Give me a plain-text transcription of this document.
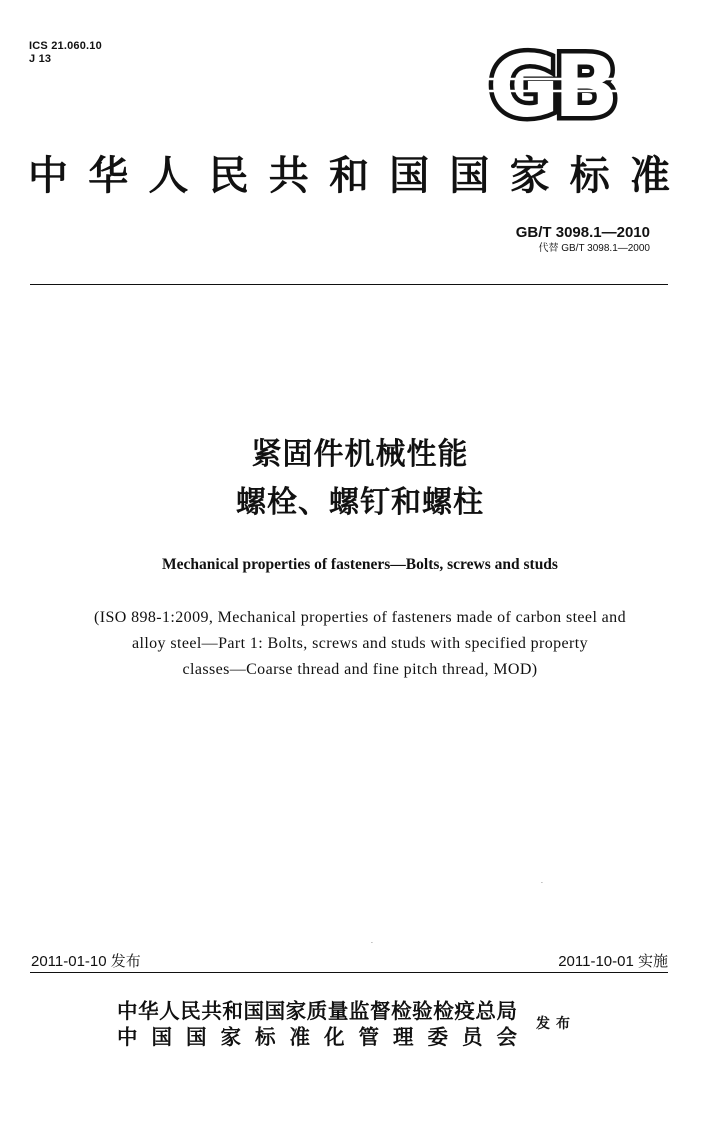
ICS 21.060.10
J 13	GB
中华人民共和国国家标准
GB/T 3098.1—2010
代替 GB/T 3098.1—2000
紧固件机械性能
螺栓、螺钉和螺柱
Mechanical properties of fasteners—Bolts, screws and studs
(ISO 898-1:2009, Mechanical properties of fasteners made of carbon steel and
alloy steel—Part 1: Bolts, screws and studs with specified property
classes—Coarse thread and fine pitch thread, MOD)
·
·
2011-01-10 发布	2011-10-01 实施
中华人民共和国国家质量监督检验检疫总局
中国国家标准化管理委员会
发布
